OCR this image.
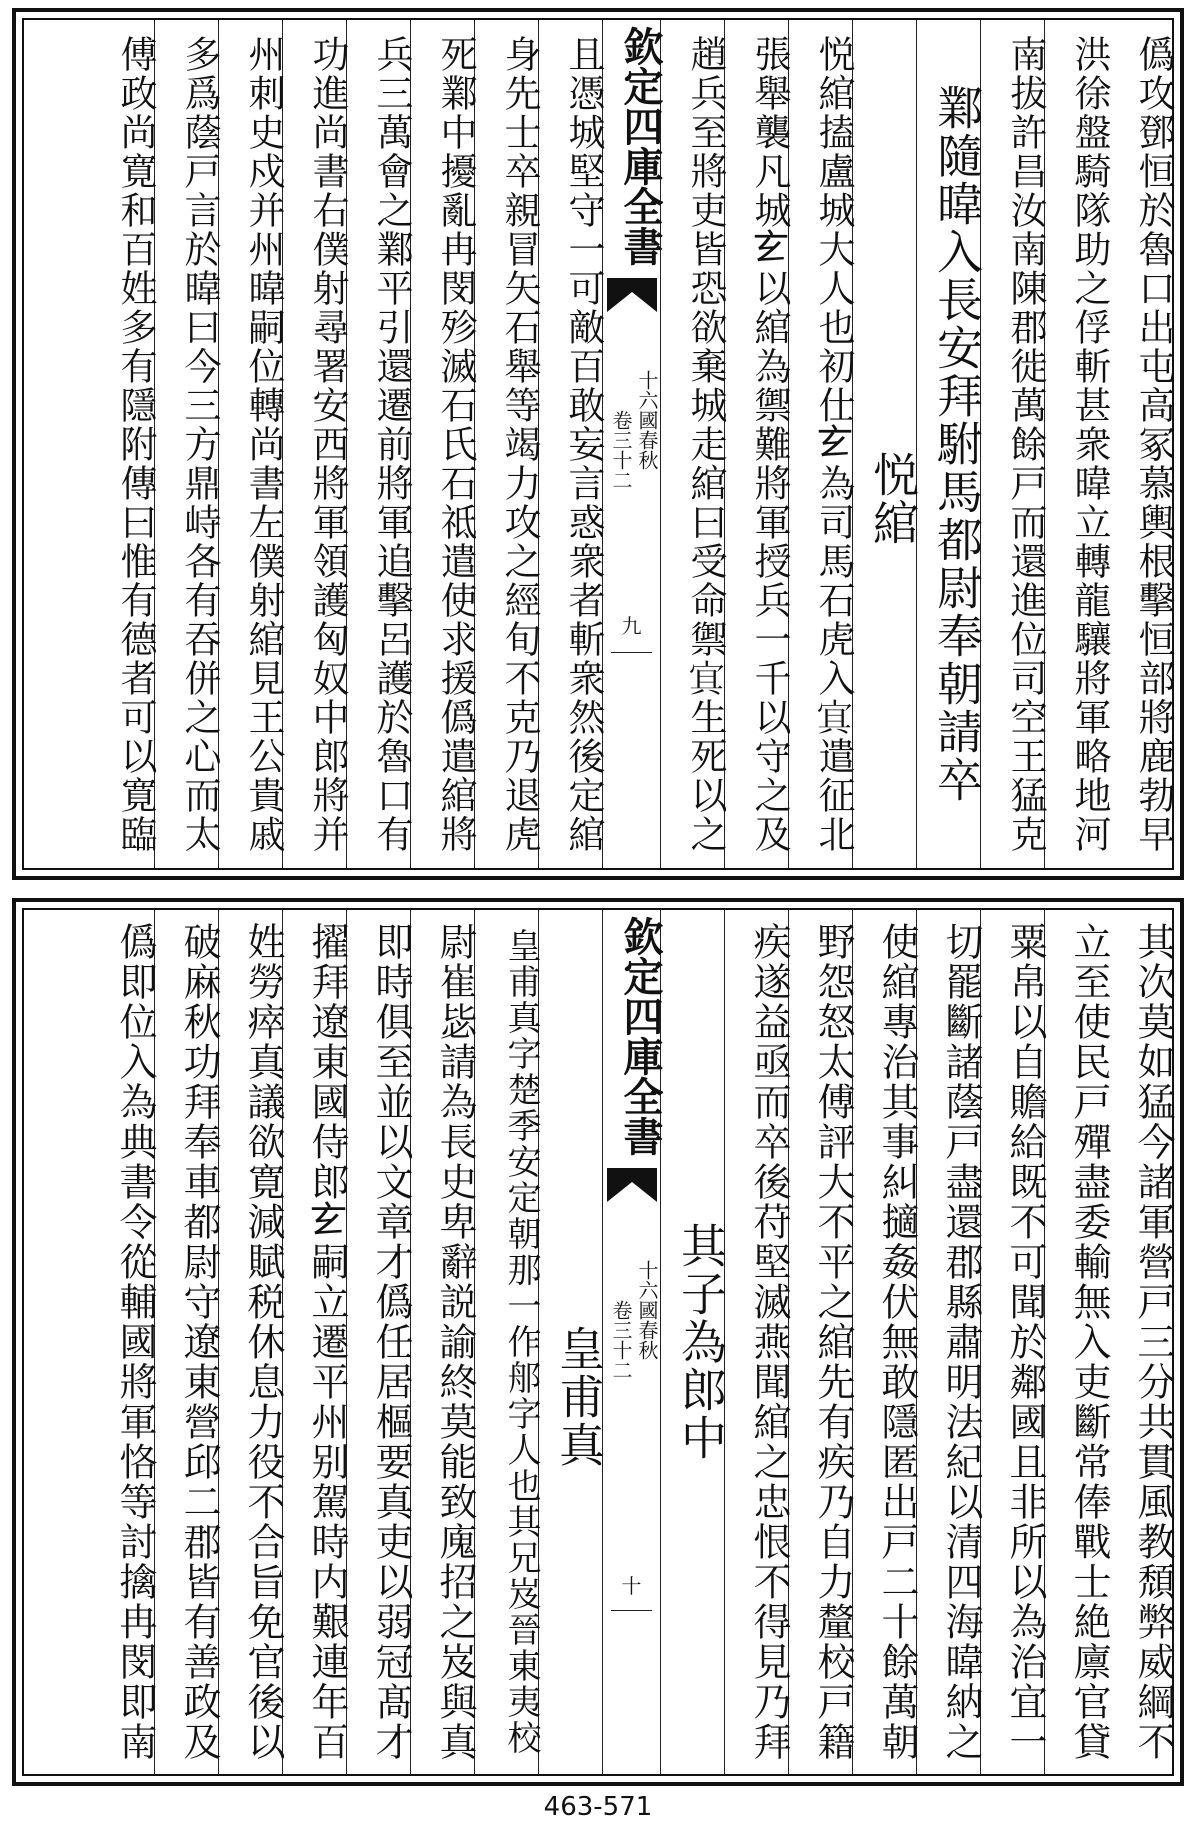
僞攻鄧恒於魯口出屯高冢慕輿根擊恒部將鹿勃早
洪徐盤騎隊助之俘斬甚衆暐立轉龍驤將軍略地河
南拔許昌汝南陳郡徙萬餘戸而還進位司空王猛克
鄴隨暐入長安拜駙馬都尉奉朝請卒
悦綰
悦綰搕盧城大人也初仕𤣥為司馬石虎入𡨋遣征北
張舉襲凡城𤣥以綰為禦難將軍授兵一千以守之及
趙兵至將吏皆恐欲棄城走綰曰受命禦𡨋生死以之
欽定四庫全書
十六國春秋
卷三十二
九
且憑城堅守一可敵百敢妄言惑衆者斬衆然後定綰
身先士卒親冒矢石舉等竭力攻之經旬不克乃退虎
死鄴中擾亂冉閔殄滅石氏石祗遣使求援僞遣綰將
兵三萬會之鄴平引還遷前將軍追擊呂護於魯口有
功進尚書右僕射尋署安西將軍領護匈奴中郎將并
州刺史戍并州暐嗣位轉尚書左僕射綰見王公貴戚
多爲蔭戸言於暐曰今三方鼎峙各有吞併之心而太
傅政尚寛和百姓多有隱附傳曰惟有德者可以寛臨
其次莫如猛今諸軍營戸三分共貫風教頹弊威綱不
立至使民戸殫盡委輸無入吏斷常俸戰士絶廪官貸
粟帛以自贍給既不可聞於鄰國且非所以為治宜一
切罷斷諸蔭戸盡還郡縣肅明法紀以清四海暐納之
使綰專治其事糾擿姦伏無敢隱匿出戸二十餘萬朝
野怨怒太傅評大不平之綰先有疾乃自力釐校戸籍
疾遂益亟而卒後苻堅滅燕聞綰之忠恨不得見乃拜
其子為郎中
欽定四庫全書
十六國春秋
卷三十二
十
皇甫真
皇甫真字楚季安定朝那一作郍字人也其兄岌晉東夷校
尉崔毖請為長史卑辭説諭終莫能致廆招之岌與真
即時俱至並以文章才僞任居樞要真吏以弱冠髙才
擢拜遼東國侍郎𤣥嗣立遷平州别駕時内艱連年百
姓勞瘁真議欲寛減賦税休息力役不合旨免官後以
破麻秋功拜奉車都尉守遼東營邱二郡皆有善政及
僞即位入為典書令從輔國將軍恪等討擒冉閔即南
463-571
